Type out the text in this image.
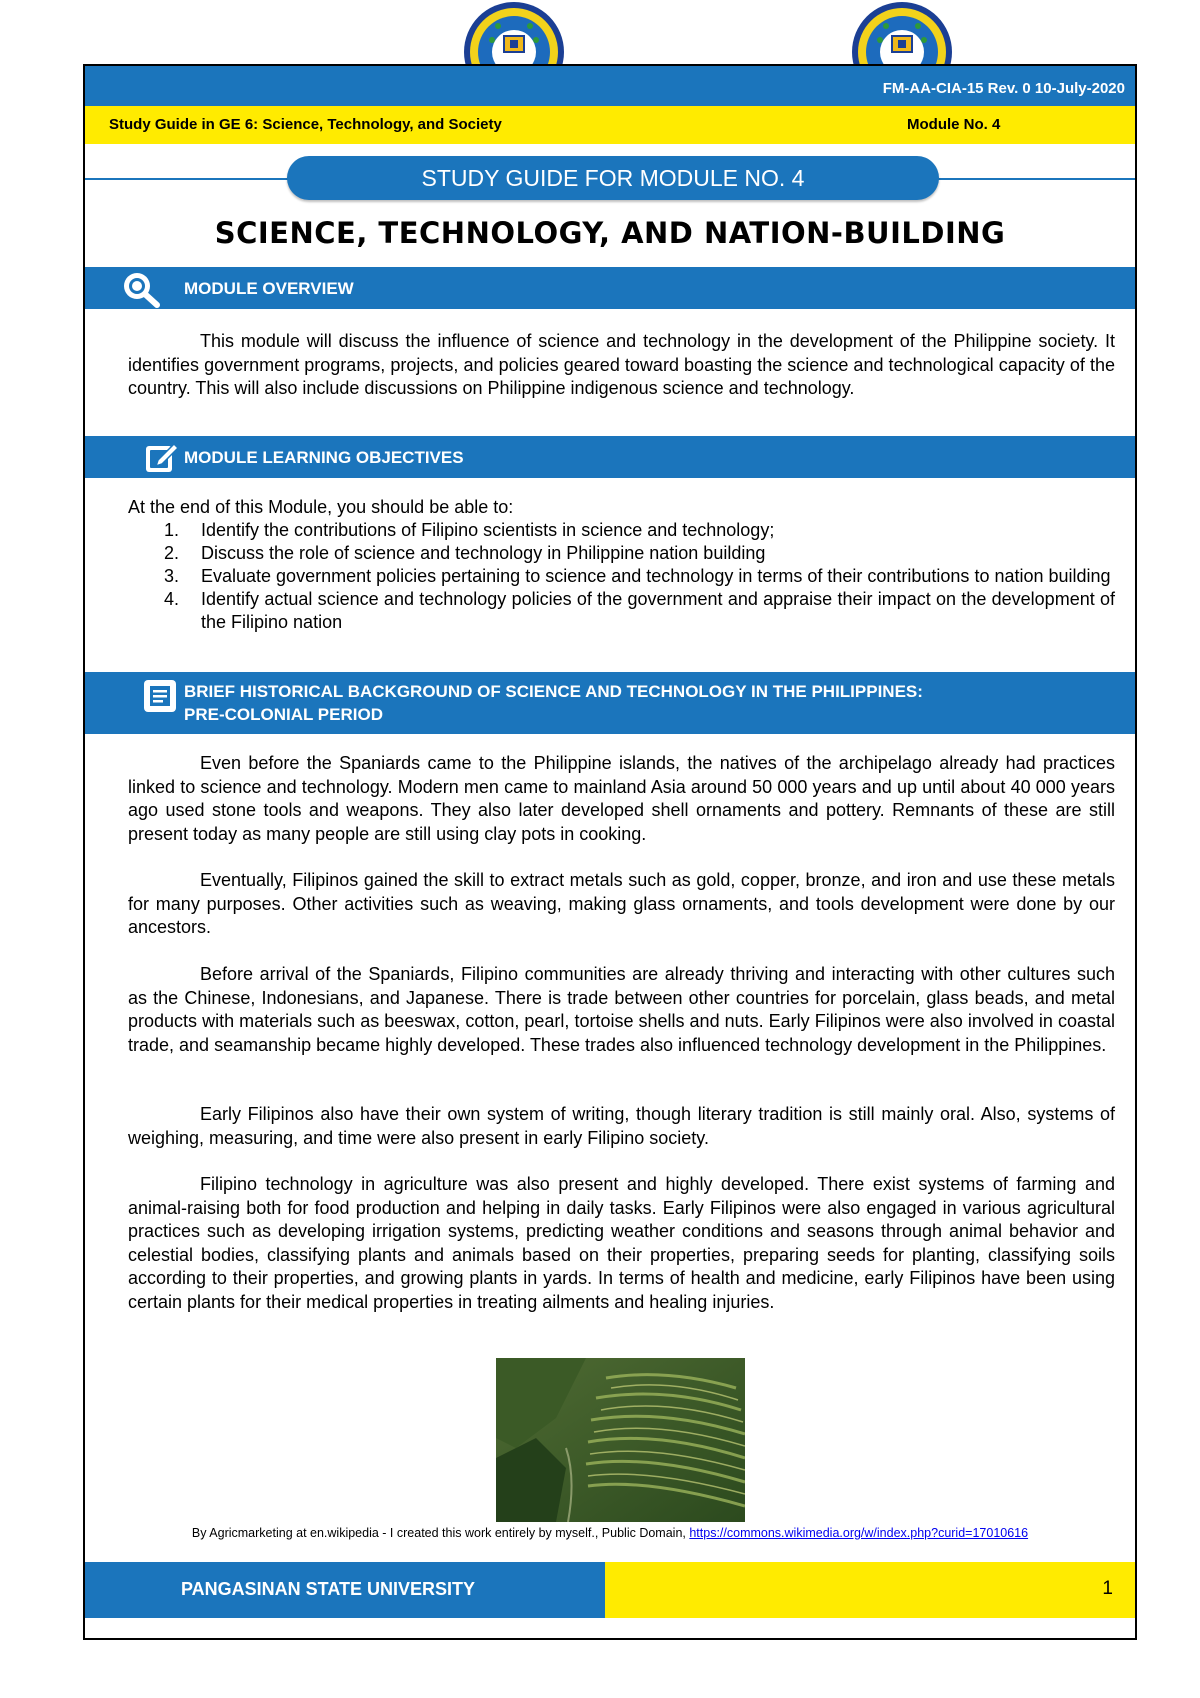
FM-AA-CIA-15 Rev. 0 10-July-2020
Study Guide in GE 6: Science, Technology, and Society	Module No. 4
STUDY GUIDE FOR MODULE NO. 4
SCIENCE, TECHNOLOGY, AND NATION-BUILDING
MODULE OVERVIEW

This module will discuss the influence of science and technology in the development of the Philippine society. It identifies government programs, projects, and policies geared toward boasting the science and technological capacity of the country. This will also include discussions on Philippine indigenous science and technology.

MODULE LEARNING OBJECTIVES
At the end of this Module, you should be able to:
1. Identify the contributions of Filipino scientists in science and technology;
2. Discuss the role of science and technology in Philippine nation building
3. Evaluate government policies pertaining to science and technology in terms of their contributions to nation building
4. Identify actual science and technology policies of the government and appraise their impact on the development of the Filipino nation
BRIEF HISTORICAL BACKGROUND OF SCIENCE AND TECHNOLOGY IN THE PHILIPPINES:
PRE-COLONIAL PERIOD

Even before the Spaniards came to the Philippine islands, the natives of the archipelago already had practices linked to science and technology. Modern men came to mainland Asia around 50 000 years and up until about 40 000 years ago used stone tools and weapons. They also later developed shell ornaments and pottery. Remnants of these are still present today as many people are still using clay pots in cooking.

Eventually, Filipinos gained the skill to extract metals such as gold, copper, bronze, and iron and use these metals for many purposes. Other activities such as weaving, making glass ornaments, and tools development were done by our ancestors.

Before arrival of the Spaniards, Filipino communities are already thriving and interacting with other cultures such as the Chinese, Indonesians, and Japanese. There is trade between other countries for porcelain, glass beads, and metal products with materials such as beeswax, cotton, pearl, tortoise shells and nuts. Early Filipinos were also involved in coastal trade, and seamanship became highly developed. These trades also influenced technology development in the Philippines.

Early Filipinos also have their own system of writing, though literary tradition is still mainly oral. Also, systems of weighing, measuring, and time were also present in early Filipino society.

Filipino technology in agriculture was also present and highly developed. There exist systems of farming and animal-raising both for food production and helping in daily tasks. Early Filipinos were also engaged in various agricultural practices such as developing irrigation systems, predicting weather conditions and seasons through animal behavior and celestial bodies, classifying plants and animals based on their properties, preparing seeds for planting, classifying soils according to their properties, and growing plants in yards. In terms of health and medicine, early Filipinos have been using certain plants for their medical properties in treating ailments and healing injuries.

By Agricmarketing at en.wikipedia - I created this work entirely by myself., Public Domain, https://commons.wikimedia.org/w/index.php?curid=17010616
PANGASINAN STATE UNIVERSITY	1
